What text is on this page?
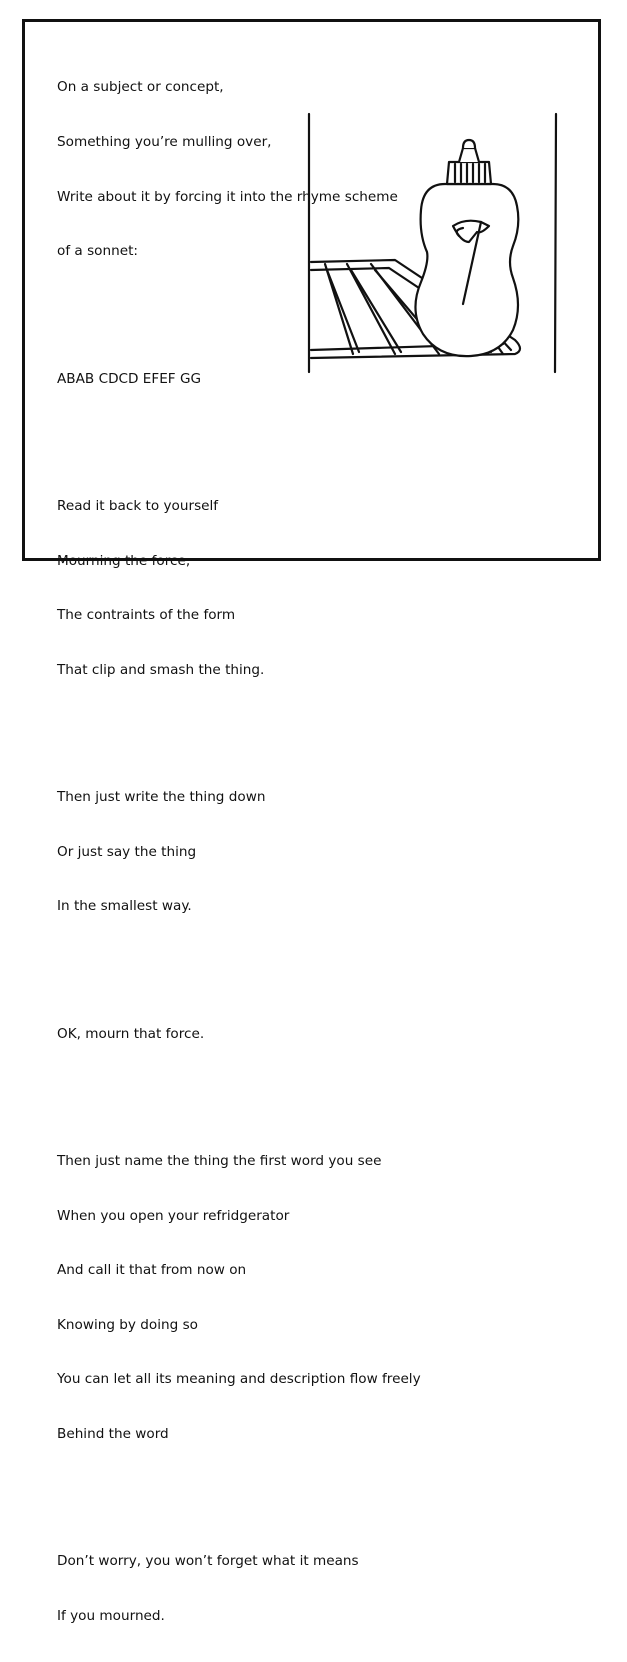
On a subject or concept,

Something you’re mulling over,

Write about it by forcing it into the rhyme scheme

of a sonnet:

ABAB CDCD EFEF GG

Read it back to yourself

Mourning the force,

The contraints of the form

That clip and smash the thing.

Then just write the thing down

Or just say the thing

In the smallest way.

OK, mourn that force.

Then just name the thing the first word you see

When you open your refridgerator

And call it that from now on

Knowing by doing so

You can let all its meaning and description flow freely

Behind the word

Don’t worry, you won’t forget what it means

If you mourned.
